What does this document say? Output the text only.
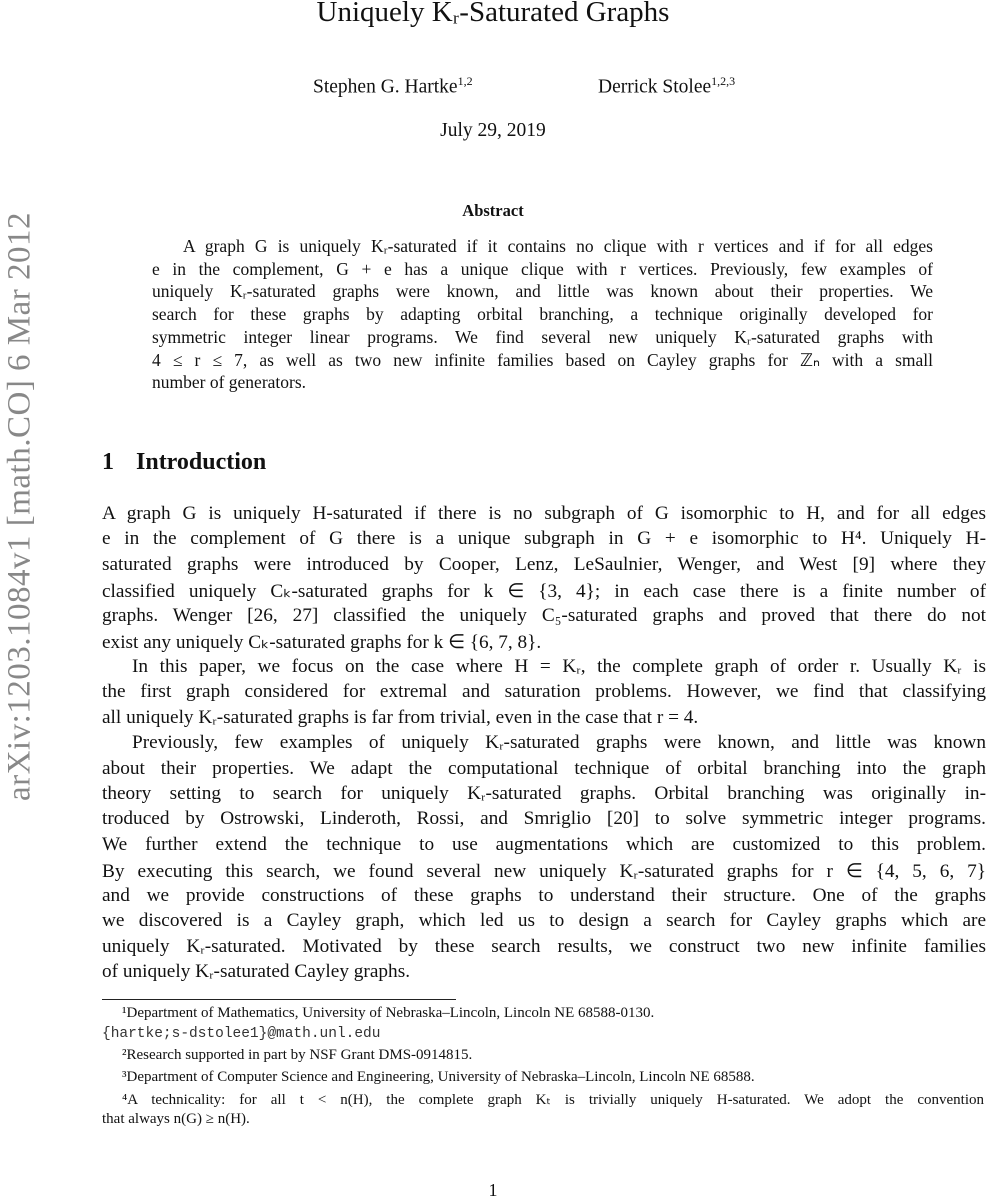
arXiv:1203.1084v1 [math.CO] 6 Mar 2012
Uniquely Kᵣ-Saturated Graphs
Stephen G. Hartke$^{1,2}$	Derrick Stolee$^{1,2,3}$
July 29, 2019
Abstract
A graph G is uniquely Kᵣ-saturated if it contains no clique with r vertices and if for all edges
e in the complement, G + e has a unique clique with r vertices. Previously, few examples of
uniquely Kᵣ-saturated graphs were known, and little was known about their properties. We
search for these graphs by adapting orbital branching, a technique originally developed for
symmetric integer linear programs. We find several new uniquely Kᵣ-saturated graphs with
4 ≤ r ≤ 7, as well as two new infinite families based on Cayley graphs for ℤₙ with a small
number of generators.
1 Introduction
A graph G is uniquely H-saturated if there is no subgraph of G isomorphic to H, and for all edges
e in the complement of G there is a unique subgraph in G + e isomorphic to H⁴. Uniquely H-
saturated graphs were introduced by Cooper, Lenz, LeSaulnier, Wenger, and West [9] where they
classified uniquely Cₖ-saturated graphs for k ∈ {3, 4}; in each case there is a finite number of
graphs. Wenger [26, 27] classified the uniquely C₅-saturated graphs and proved that there do not
exist any uniquely Cₖ-saturated graphs for k ∈ {6, 7, 8}.
In this paper, we focus on the case where H = Kᵣ, the complete graph of order r. Usually Kᵣ is
the first graph considered for extremal and saturation problems. However, we find that classifying
all uniquely Kᵣ-saturated graphs is far from trivial, even in the case that r = 4.
Previously, few examples of uniquely Kᵣ-saturated graphs were known, and little was known
about their properties. We adapt the computational technique of orbital branching into the graph
theory setting to search for uniquely Kᵣ-saturated graphs. Orbital branching was originally in-
troduced by Ostrowski, Linderoth, Rossi, and Smriglio [20] to solve symmetric integer programs.
We further extend the technique to use augmentations which are customized to this problem.
By executing this search, we found several new uniquely Kᵣ-saturated graphs for r ∈ {4, 5, 6, 7}
and we provide constructions of these graphs to understand their structure. One of the graphs
we discovered is a Cayley graph, which led us to design a search for Cayley graphs which are
uniquely Kᵣ-saturated. Motivated by these search results, we construct two new infinite families
of uniquely Kᵣ-saturated Cayley graphs.
¹Department of Mathematics, University of Nebraska–Lincoln, Lincoln NE 68588-0130.
{hartke;s-dstolee1}@math.unl.edu
²Research supported in part by NSF Grant DMS-0914815.
³Department of Computer Science and Engineering, University of Nebraska–Lincoln, Lincoln NE 68588.
⁴A technicality: for all t < n(H), the complete graph Kₜ is trivially uniquely H-saturated. We adopt the convention
that always n(G) ≥ n(H).
1
